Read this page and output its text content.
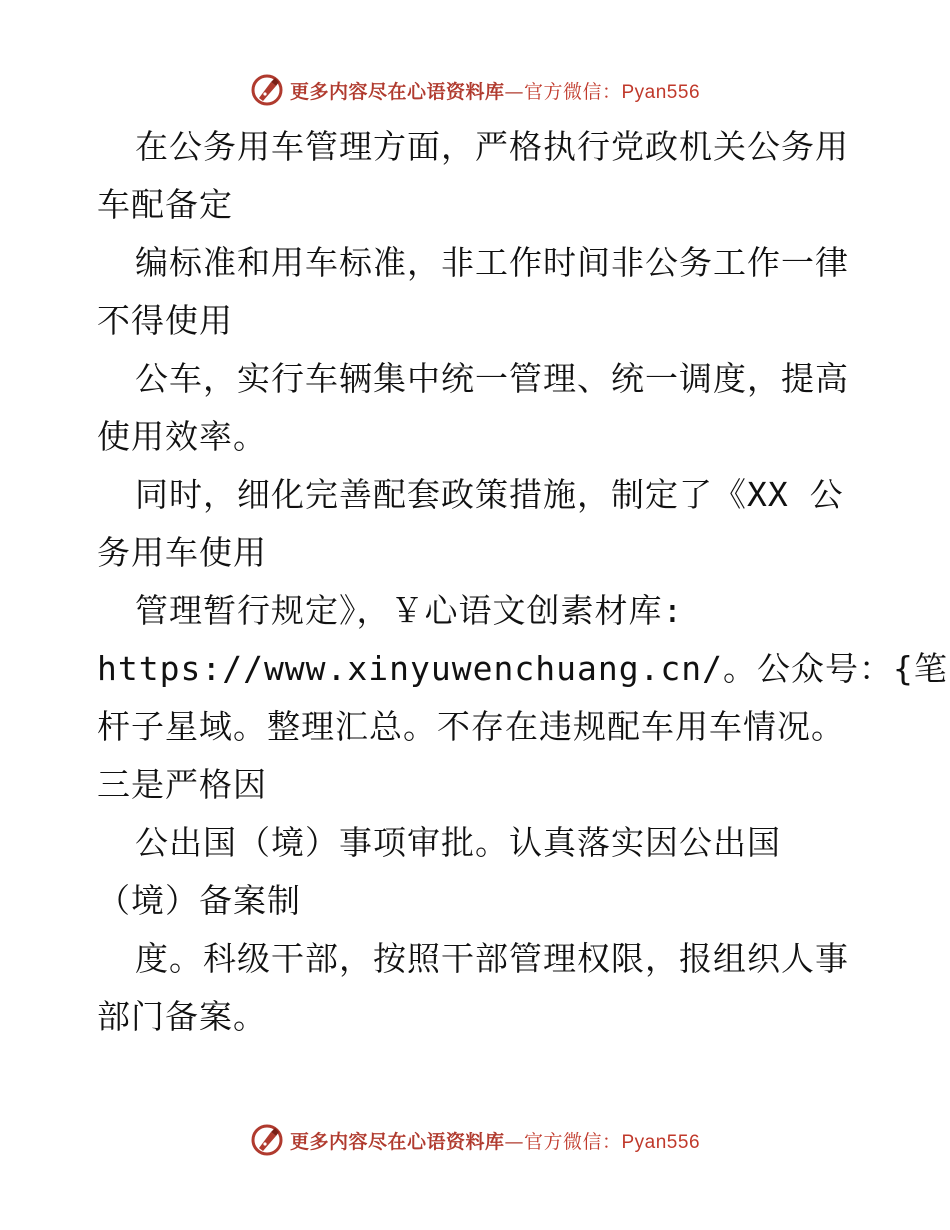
更多内容尽在心语资料库—官方微信：Pyan556

在公务用车管理方面，严格执行党政机关公务用

车配备定

编标准和用车标准，非工作时间非公务工作一律

不得使用

公车，实行车辆集中统一管理、统一调度，提高

使用效率。

同时，细化完善配套政策措施，制定了《XX 公

务用车使用

管理暂行规定》，￥心语文创素材库:

https://www.xinyuwenchuang.cn/。公众号：{笔

杆子星域。整理汇总。不存在违规配车用车情况。

三是严格因

公出国（境）事项审批。认真落实因公出国

（境）备案制

度。科级干部，按照干部管理权限，报组织人事

部门备案。

更多内容尽在心语资料库—官方微信：Pyan556
